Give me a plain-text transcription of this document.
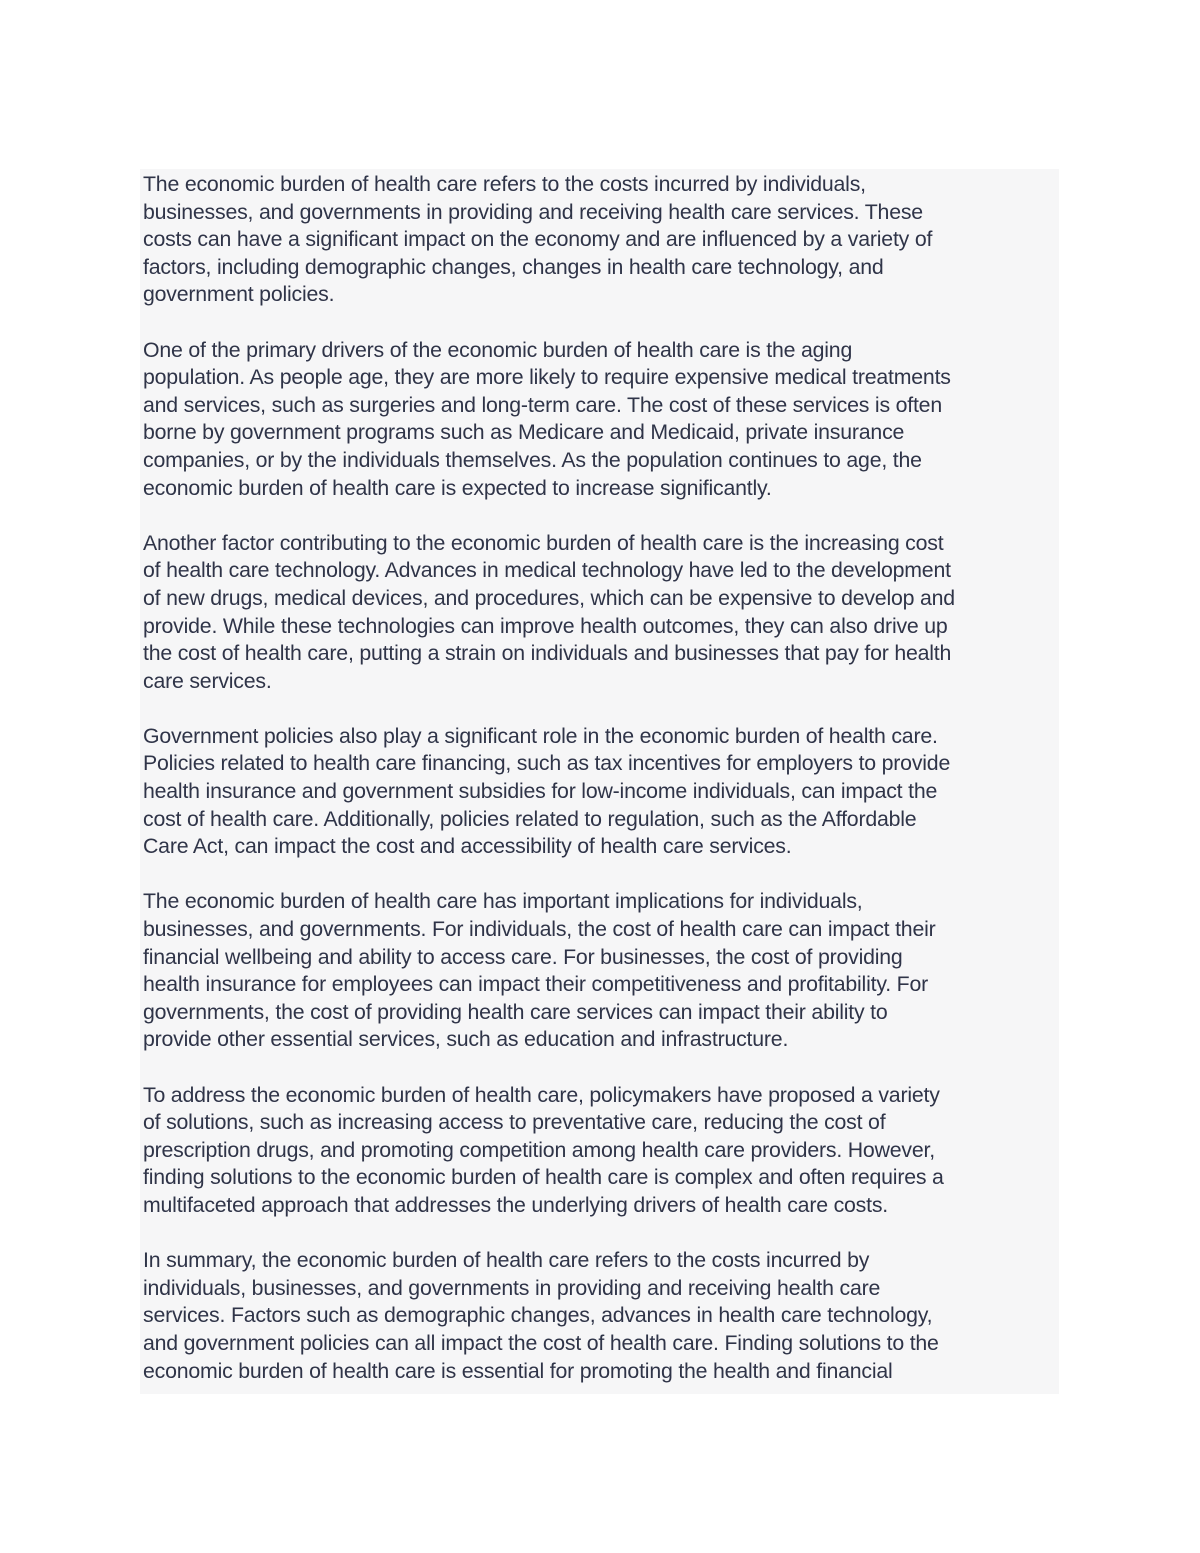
The economic burden of health care refers to the costs incurred by individuals,
businesses, and governments in providing and receiving health care services. These
costs can have a significant impact on the economy and are influenced by a variety of
factors, including demographic changes, changes in health care technology, and
government policies.

One of the primary drivers of the economic burden of health care is the aging
population. As people age, they are more likely to require expensive medical treatments
and services, such as surgeries and long-term care. The cost of these services is often
borne by government programs such as Medicare and Medicaid, private insurance
companies, or by the individuals themselves. As the population continues to age, the
economic burden of health care is expected to increase significantly.

Another factor contributing to the economic burden of health care is the increasing cost
of health care technology. Advances in medical technology have led to the development
of new drugs, medical devices, and procedures, which can be expensive to develop and
provide. While these technologies can improve health outcomes, they can also drive up
the cost of health care, putting a strain on individuals and businesses that pay for health
care services.

Government policies also play a significant role in the economic burden of health care.
Policies related to health care financing, such as tax incentives for employers to provide
health insurance and government subsidies for low-income individuals, can impact the
cost of health care. Additionally, policies related to regulation, such as the Affordable
Care Act, can impact the cost and accessibility of health care services.

The economic burden of health care has important implications for individuals,
businesses, and governments. For individuals, the cost of health care can impact their
financial wellbeing and ability to access care. For businesses, the cost of providing
health insurance for employees can impact their competitiveness and profitability. For
governments, the cost of providing health care services can impact their ability to
provide other essential services, such as education and infrastructure.

To address the economic burden of health care, policymakers have proposed a variety
of solutions, such as increasing access to preventative care, reducing the cost of
prescription drugs, and promoting competition among health care providers. However,
finding solutions to the economic burden of health care is complex and often requires a
multifaceted approach that addresses the underlying drivers of health care costs.

In summary, the economic burden of health care refers to the costs incurred by
individuals, businesses, and governments in providing and receiving health care
services. Factors such as demographic changes, advances in health care technology,
and government policies can all impact the cost of health care. Finding solutions to the
economic burden of health care is essential for promoting the health and financial
